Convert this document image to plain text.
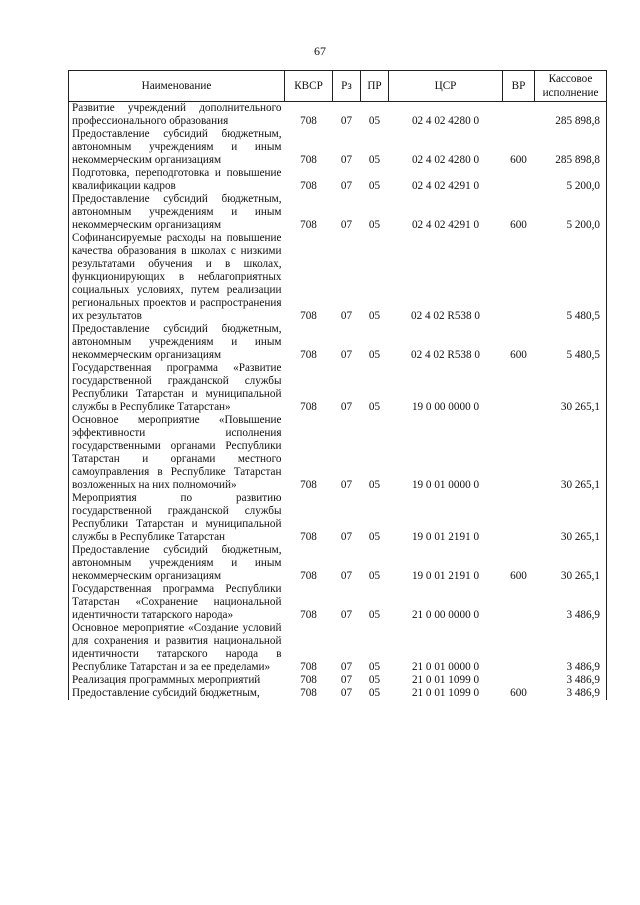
67
Наименование	КВСР	Рз	ПР	ЦСР	ВР	Кассовое
исполнение

Развитие учреждений дополнительного профессионального образования	708	07	05	02 4 02 4280 0		285 898,8
Предоставление субсидий бюджетным, автономным учреждениям и иным некоммерческим организациям	708	07	05	02 4 02 4280 0	600	285 898,8
Подготовка, переподготовка и повышение квалификации кадров	708	07	05	02 4 02 4291 0		5 200,0
Предоставление субсидий бюджетным, автономным учреждениям и иным некоммерческим организациям	708	07	05	02 4 02 4291 0	600	5 200,0
Софинансируемые расходы на повышение качества образования в школах с низкими результатами обучения и в школах, функционирующих в неблагоприятных социальных условиях, путем реализации региональных проектов и распространения их результатов	708	07	05	02 4 02 R538 0		5 480,5
Предоставление субсидий бюджетным, автономным учреждениям и иным некоммерческим организациям	708	07	05	02 4 02 R538 0	600	5 480,5
Государственная программа «Развитие государственной гражданской службы Республики Татарстан и муниципальной службы в Республике Татарстан»	708	07	05	19 0 00 0000 0		30 265,1
Основное мероприятие «Повышение эффективности исполнения государственными органами Республики Татарстан и органами местного самоуправления в Республике Татарстан возложенных на них полномочий»	708	07	05	19 0 01 0000 0		30 265,1
Мероприятия по развитию государственной гражданской службы Республики Татарстан и муниципальной службы в Республике Татарстан	708	07	05	19 0 01 2191 0		30 265,1
Предоставление субсидий бюджетным, автономным учреждениям и иным некоммерческим организациям	708	07	05	19 0 01 2191 0	600	30 265,1
Государственная программа Республики Татарстан «Сохранение национальной идентичности татарского народа»	708	07	05	21 0 00 0000 0		3 486,9
Основное мероприятие «Создание условий для сохранения и развития национальной идентичности татарского народа в Республике Татарстан и за ее пределами»	708	07	05	21 0 01 0000 0		3 486,9
Реализация программных мероприятий	708	07	05	21 0 01 1099 0		3 486,9
Предоставление субсидий бюджетным,	708	07	05	21 0 01 1099 0	600	3 486,9
